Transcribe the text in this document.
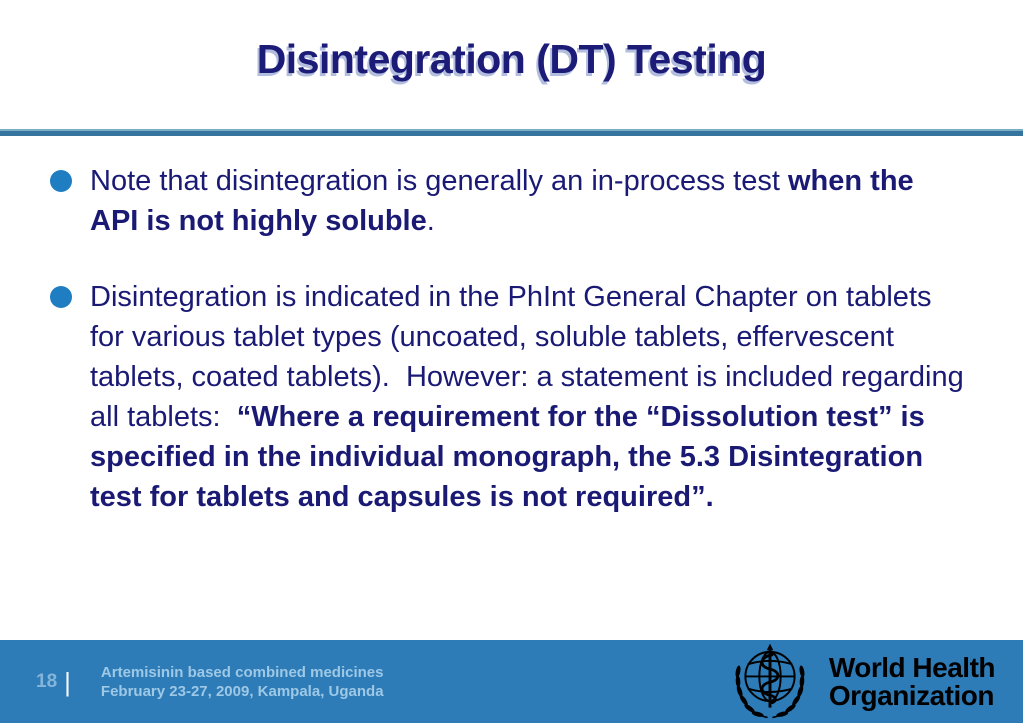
Disintegration (DT) Testing
Note that disintegration is generally an in-process test when the API is not highly soluble.
Disintegration is indicated in the PhInt General Chapter on tablets for various tablet types (uncoated, soluble tablets, effervescent tablets, coated tablets).  However: a statement is included regarding all tablets:  “Where a requirement for the “Dissolution test” is specified in the individual monograph, the 5.3 Disintegration test for tablets and capsules is not required”.
18 | Artemisinin based combined medicines
February 23-27, 2009, Kampala, Uganda
World Health
Organization
